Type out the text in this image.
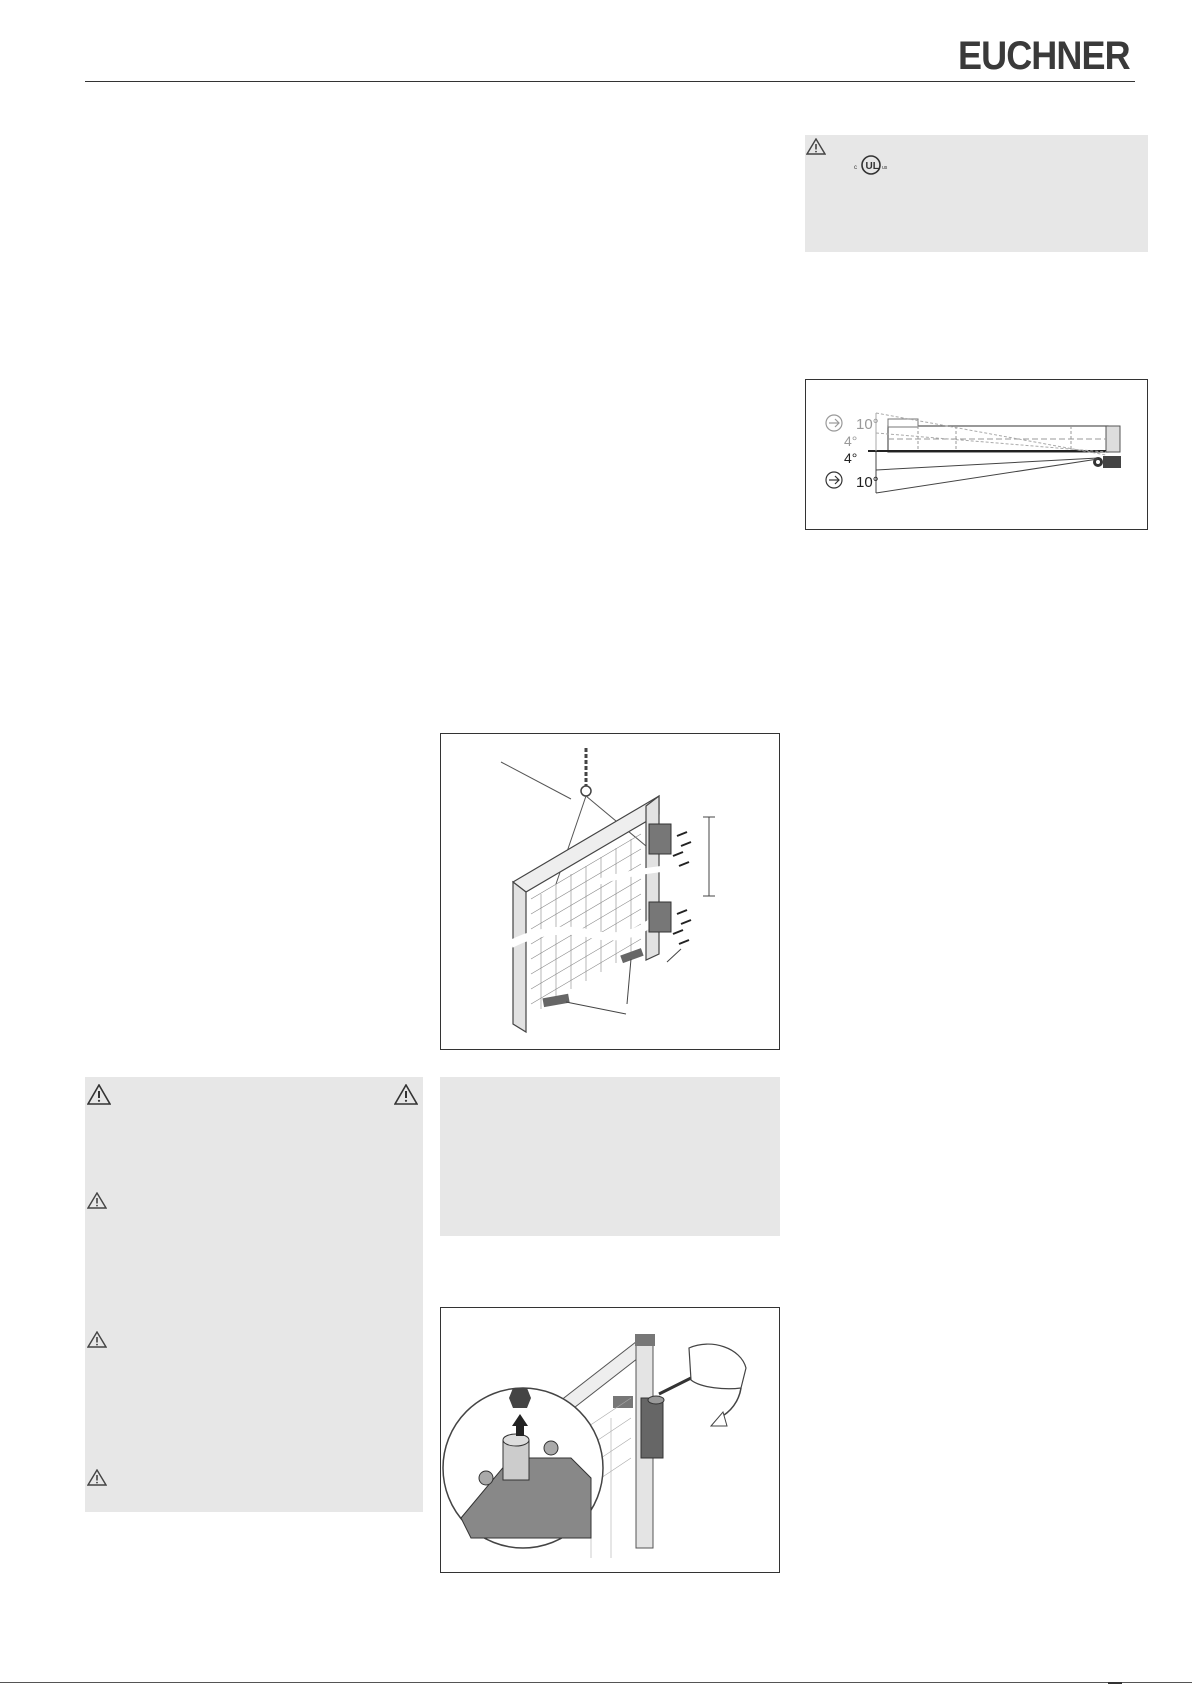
EUCHNER
c UL us
10°
4°
4°
10°
